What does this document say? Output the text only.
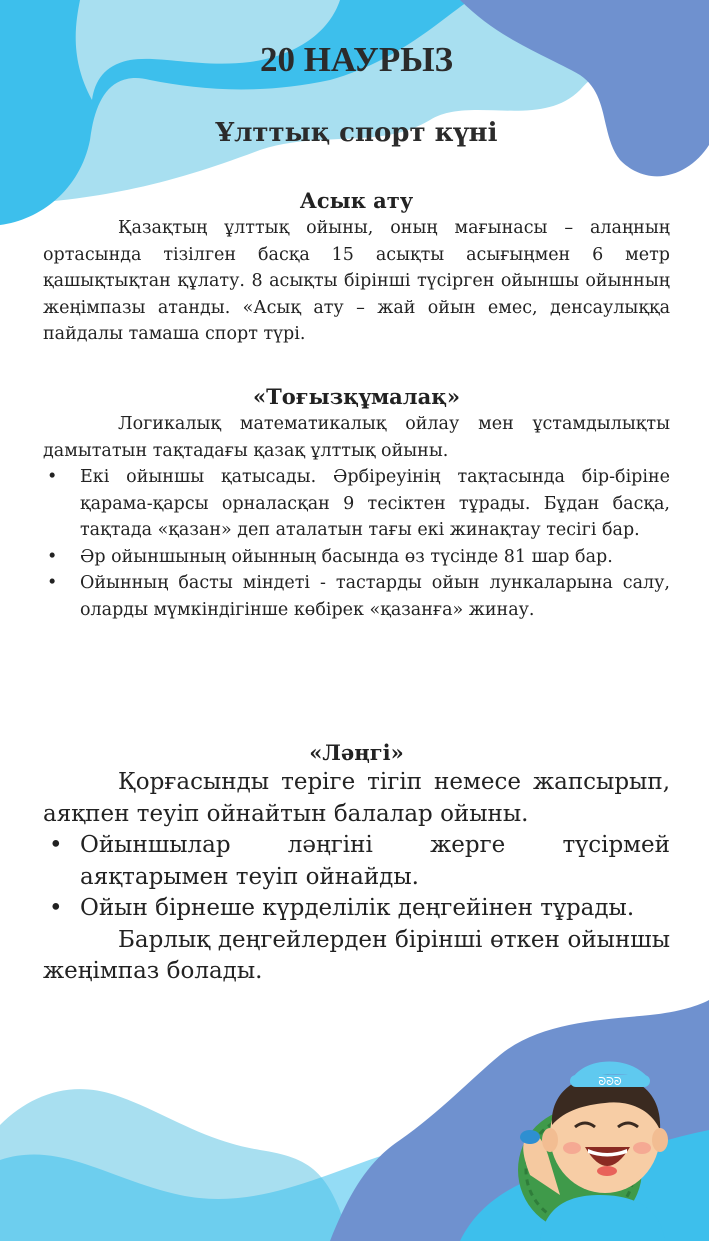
ᘐᘐᘐ
20 НАУРЫЗ
Ұлттық спорт күні
Асык ату

Қазақтың ұлттық ойыны, оның мағынасы – алаңның ортасында тізілген басқа 15 асықты асығыңмен 6 метр қашықтықтан құлату. 8 асықты бірінші түсірген ойыншы ойынның жеңімпазы атанды. «Асық ату – жай ойын емес, денсаулыққа пайдалы тамаша спорт түрі.

«Тоғызқұмалақ»

Логикалық математикалық ойлау мен ұстамдылықты дамытатын тақтадағы қазақ ұлттық ойыны.

• Екі ойыншы қатысады. Әрбіреуінің тақтасында бір-біріне қарама-қарсы орналасқан 9 тесіктен тұрады. Бұдан басқа, тақтада «қазан» деп аталатын тағы екі жинақтау тесігі бар.
• Әр ойыншының ойынның басында өз түсінде 81 шар бар.
• Ойынның басты міндеті - тастарды ойын лункаларына салу, оларды мүмкіндігінше көбірек «қазанға» жинау.
«Ләңгі»

Қорғасынды теріге тігіп немесе жапсырып, аяқпен теуіп ойнайтын балалар ойыны.

• Ойыншылар ләңгіні жерге түсірмей аяқтарымен теуіп ойнайды.
• Ойын бірнеше күрделілік деңгейінен тұрады.

Барлық деңгейлерден бірінші өткен ойыншы жеңімпаз болады.
